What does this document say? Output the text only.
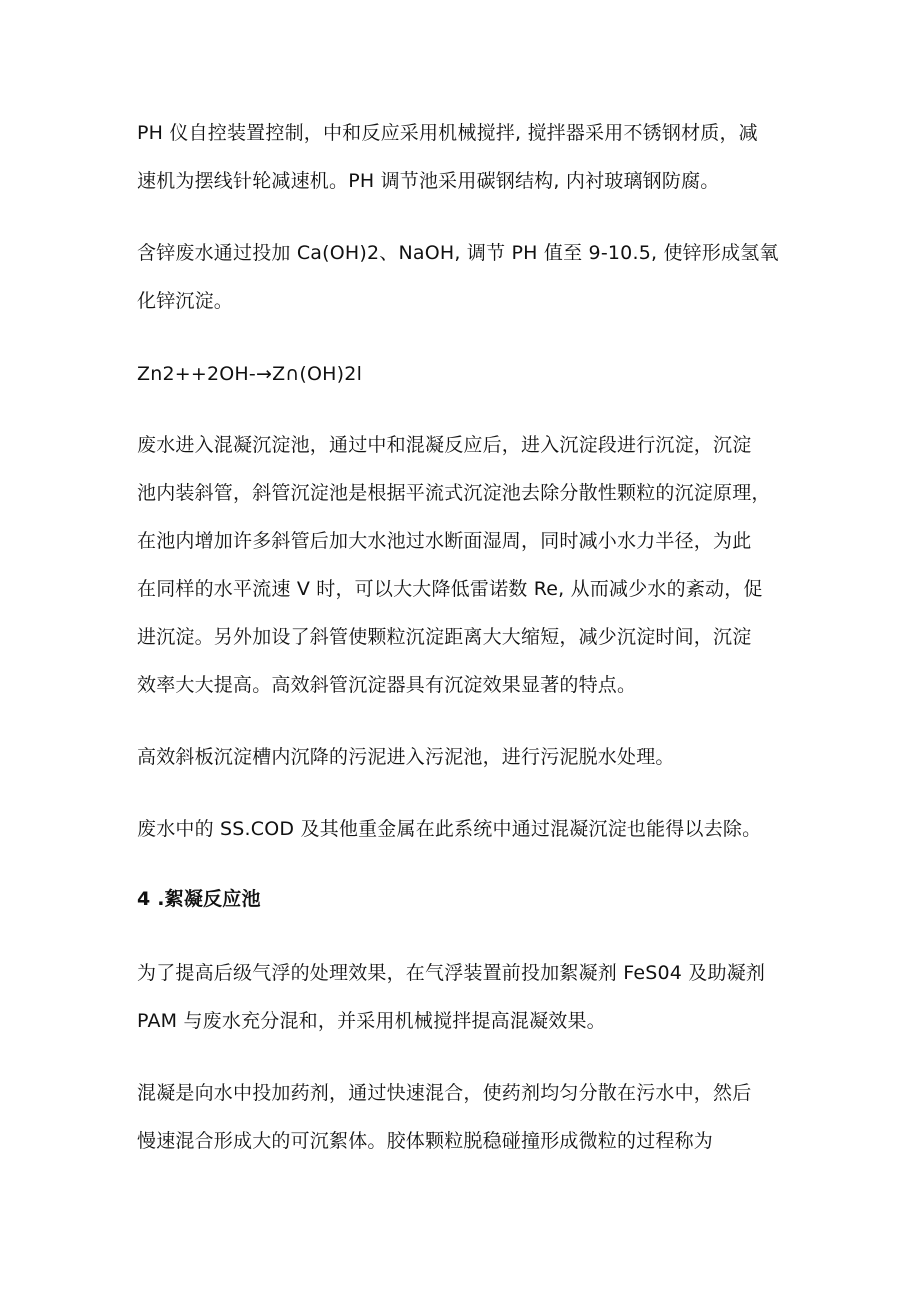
PH 仪自控装置控制，中和反应采用机械搅拌, 搅拌器采用不锈钢材质，减
速机为摆线针轮减速机。PH 调节池采用碳钢结构, 内衬玻璃钢防腐。
含锌废水通过投加 Ca(OH)2、NaOH, 调节 PH 值至 9-10.5, 使锌形成氢氧
化锌沉淀。
Zn2++2OH-→Z∩(OH)2l
废水进入混凝沉淀池，通过中和混凝反应后，进入沉淀段进行沉淀，沉淀
池内装斜管，斜管沉淀池是根据平流式沉淀池去除分散性颗粒的沉淀原理，
在池内增加许多斜管后加大水池过水断面湿周，同时减小水力半径，为此
在同样的水平流速 V 时，可以大大降低雷诺数 Re, 从而减少水的紊动，促
进沉淀。另外加设了斜管使颗粒沉淀距离大大缩短，减少沉淀时间，沉淀
效率大大提高。高效斜管沉淀器具有沉淀效果显著的特点。
高效斜板沉淀槽内沉降的污泥进入污泥池，进行污泥脱水处理。
废水中的 SS.COD 及其他重金属在此系统中通过混凝沉淀也能得以去除。
4 .絮凝反应池
为了提高后级气浮的处理效果，在气浮装置前投加絮凝剂 FeS04 及助凝剂
PAM 与废水充分混和，并采用机械搅拌提高混凝效果。
混凝是向水中投加药剂，通过快速混合，使药剂均匀分散在污水中，然后
慢速混合形成大的可沉絮体。胶体颗粒脱稳碰撞形成微粒的过程称为
